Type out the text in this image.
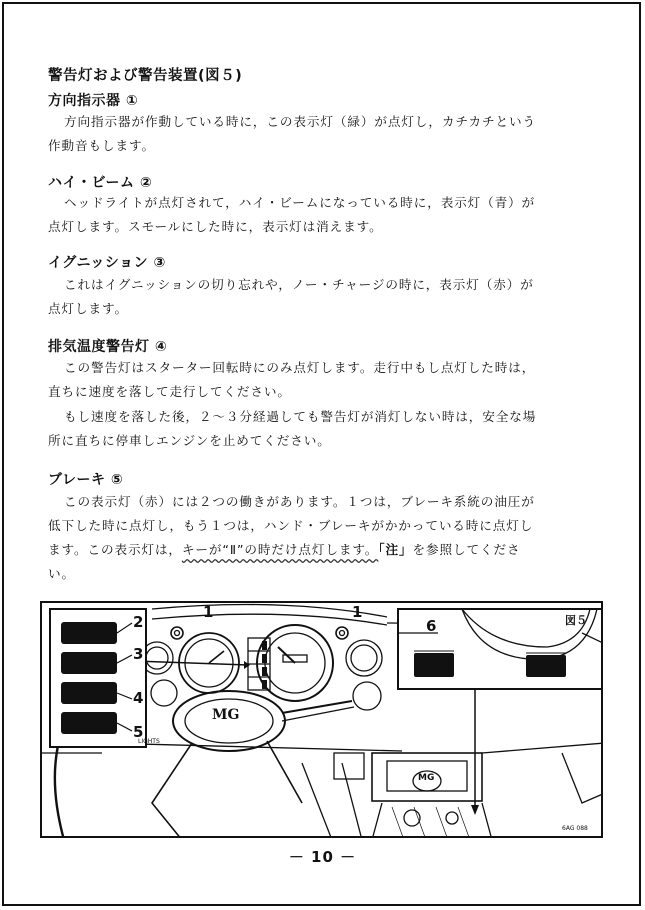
警告灯および警告装置(図５)
方向指示器 ①
方向指示器が作動している時に，この表示灯（緑）が点灯し，カチカチという
作動音もします。
ハイ・ビーム ②
ヘッドライトが点灯されて，ハイ・ビームになっている時に，表示灯（青）が
点灯します。スモールにした時に，表示灯は消えます。
イグニッション ③
これはイグニッションの切り忘れや，ノー・チャージの時に，表示灯（赤）が
点灯します。
排気温度警告灯 ④
この警告灯はスターター回転時にのみ点灯します。走行中もし点灯した時は，
直ちに速度を落して走行してください。
もし速度を落した後，２～３分経過しても警告灯が消灯しない時は，安全な場
所に直ちに停車しエンジンを止めてください。
ブレーキ ⑤
この表示灯（赤）には２つの働きがあります。１つは，ブレーキ系統の油圧が
低下した時に点灯し，もう１つは，ハンド・ブレーキがかかっている時に点灯し
ます。この表示灯は，キーが“Ⅱ”の時だけ点灯します。「注」を参照してくださ
い。
1	1
2
3
4
5
6	図５
MG
MG
LIGHTS
6AG 088
－ 10 －
